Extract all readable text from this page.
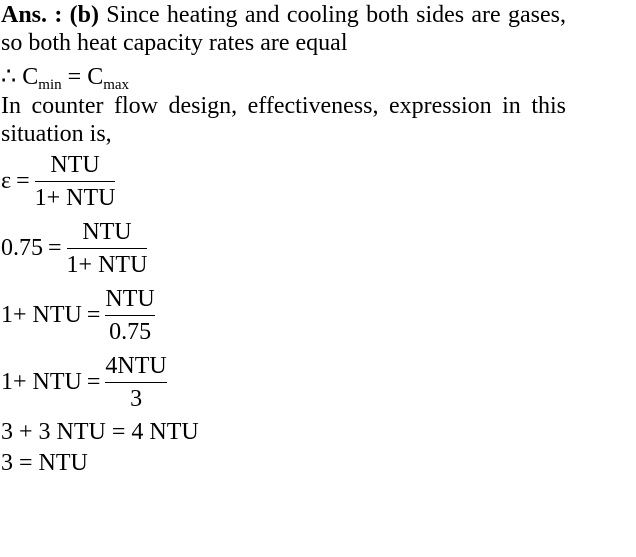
Ans. : (b) Since heating and cooling both sides are gases, so both heat capacity rates are equal
∴ $C_{min} = C_{max}$
In counter flow design, effectiveness, expression in this situation is,
$\varepsilon = \frac{\text{NTU}}{\text{1+ NTU}}$
$0.75 = \frac{\text{NTU}}{\text{1+ NTU}}$
1+ NTU = $\frac{\text{NTU}}{0.75}$
1+ NTU = $\frac{\text{4NTU}}{3}$
3 + 3 NTU = 4 NTU
3 = NTU
